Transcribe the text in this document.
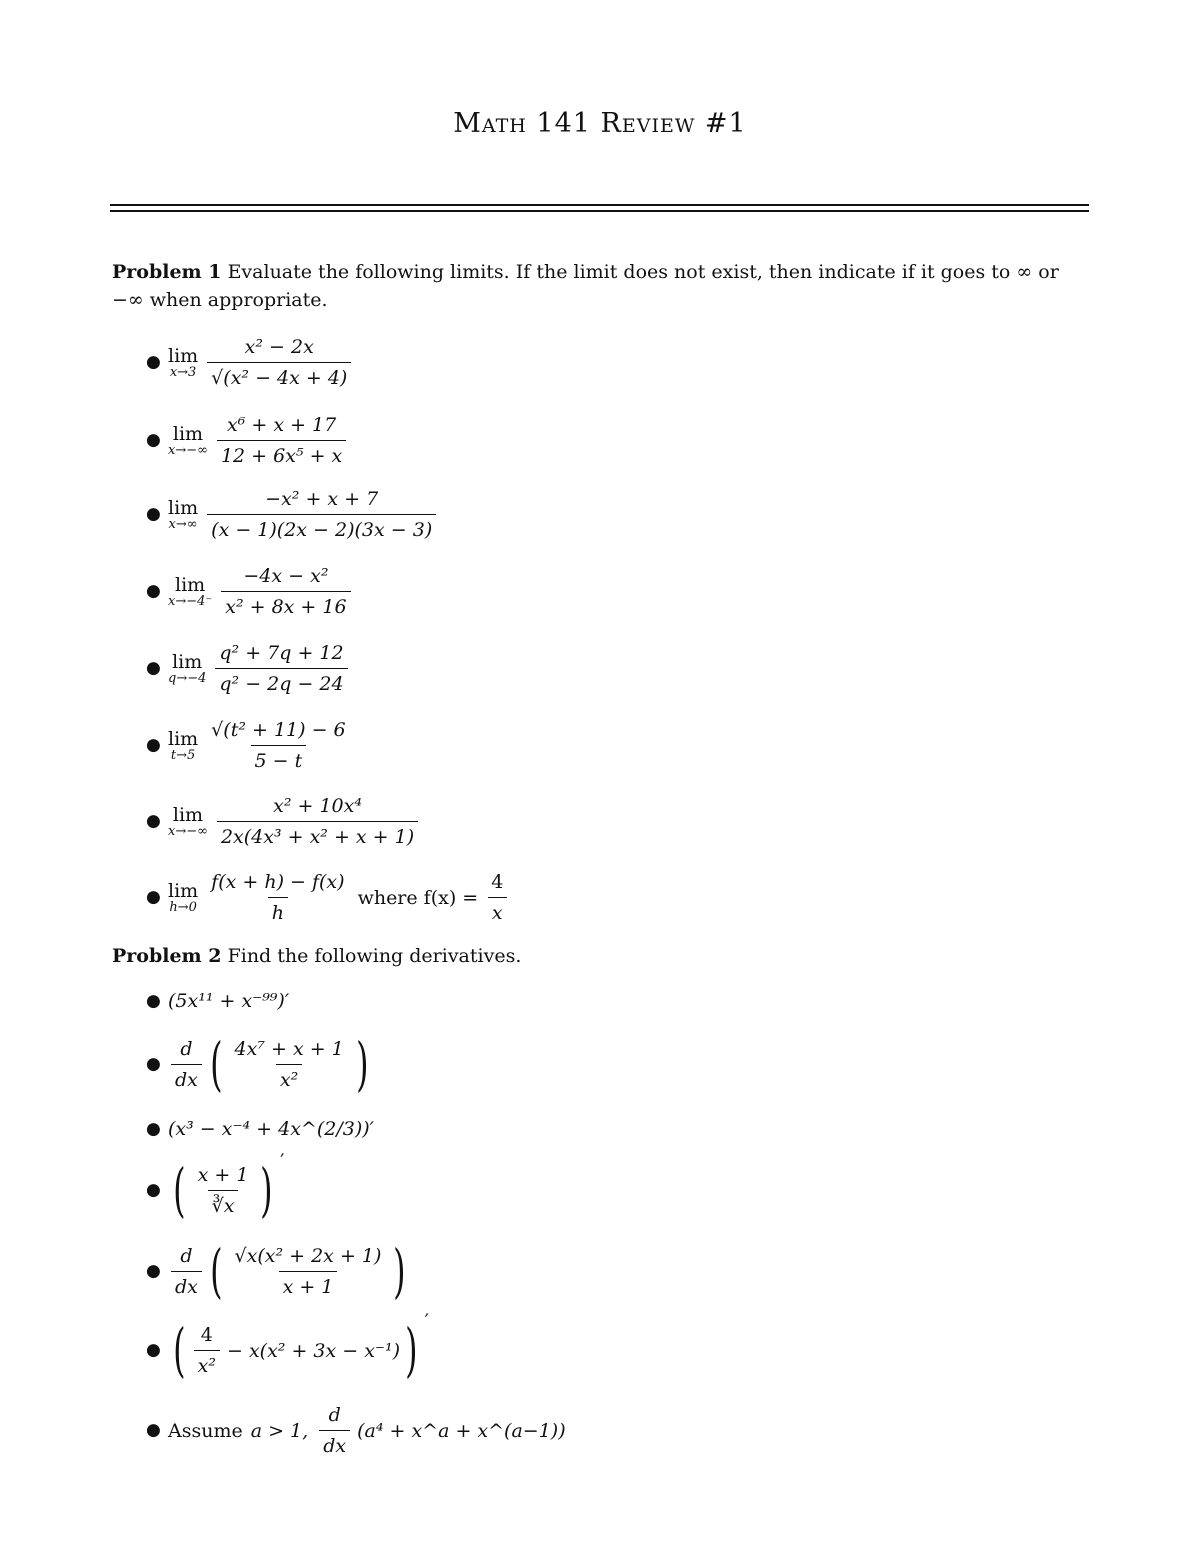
Math 141 Review #1
Problem 1 Evaluate the following limits. If the limit does not exist, then indicate if it goes to ∞ or −∞ when appropriate.
● lim
$x\to 3 \frac{\text{x² − 2x}}{\text{√(x² − 4x + 4)}}$
● lim
$x\to-\infty \frac{\text{x⁶ + x + 17}}{\text{12 + 6x⁵ + x}}$
● lim
$x\to\infty \frac{\text{−x² + x + 7}}{(x - 1)(2x - 2)(3x - 3)}$
● lim
$x\to-4^- \frac{\text{−4x − x²}}{\text{x² + 8x + 16}}$
● lim
$q\to-4 \frac{\text{q² + 7q + 12}}{\text{q² − 2q − 24}}$
● lim
$t\to 5 \frac{\text{√(t² + 11) − 6}}{5 - t}$
● lim
$x\to-\infty \frac{\text{x² + 10x⁴}}{\text{2x(4x³ + x² + x + 1)}}$
● lim
$h\to 0 \frac{f(x + h) - f(x)}{h}$ where $f(x) = \frac{4}{x}$
Problem 2 Find the following derivatives.
● (5x¹¹ + x⁻⁹⁹)′
● $\frac{d}{dx}$ ( $\frac{\text{4x⁷ + x + 1}}{\text{x²}}$ )
● (x³ − x⁻⁴ + 4x^(2/3))′
● ( $\frac{x + 1}{∛x}$ ) ′
● $\frac{d}{dx}$ ( $\frac{\text{√x(x² + 2x + 1)}}{x + 1}$ )
● ( $\frac{4}{\text{x²}} - x(x^2 + 3x - x^{-1})$ ) ′
● Assume a > 1, $\frac{d}{dx} (a^4$ + x^a + x^(a−1))
